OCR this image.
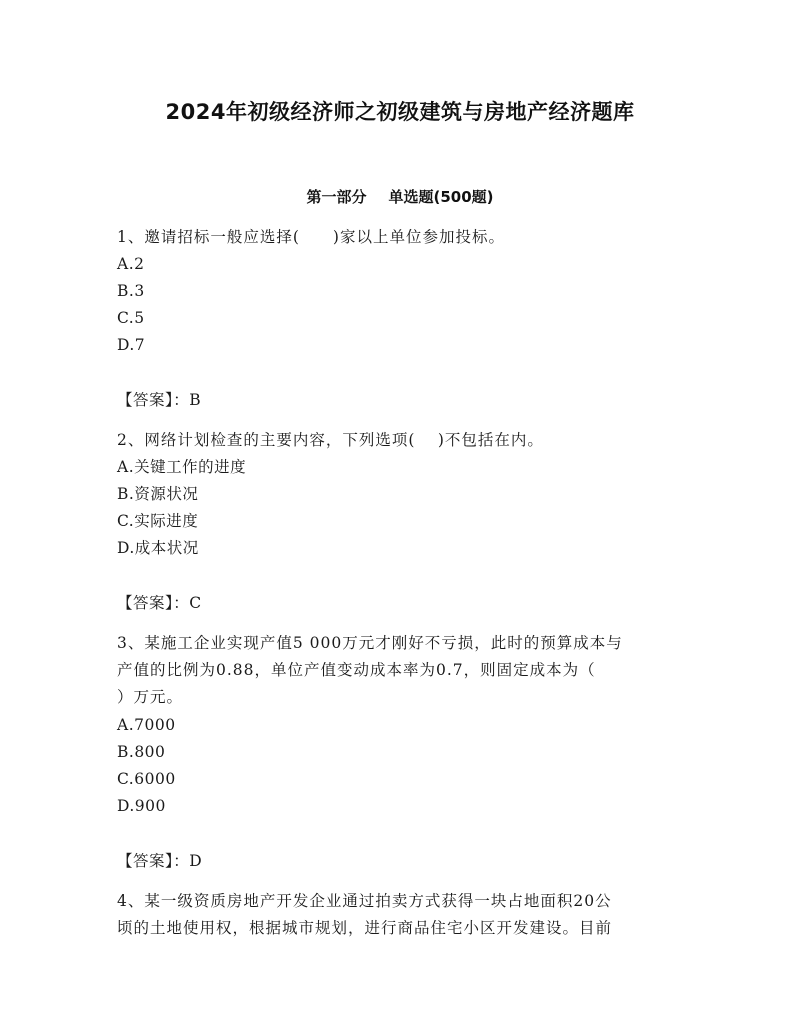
2024年初级经济师之初级建筑与房地产经济题库
第一部分 单选题(500题)
1、邀请招标一般应选择(　　)家以上单位参加投标。
A.2
B.3
C.5
D.7
【答案】：B
2、网络计划检查的主要内容，下列选项(　 )不包括在内。
A.关键工作的进度
B.资源状况
C.实际进度
D.成本状况
【答案】：C
3、某施工企业实现产值5 000万元才刚好不亏损，此时的预算成本与
产值的比例为0.88，单位产值变动成本率为0.7，则固定成本为（
）万元。
A.7000
B.800
C.6000
D.900
【答案】：D
4、某一级资质房地产开发企业通过拍卖方式获得一块占地面积20公
顷的土地使用权，根据城市规划，进行商品住宅小区开发建设。目前
